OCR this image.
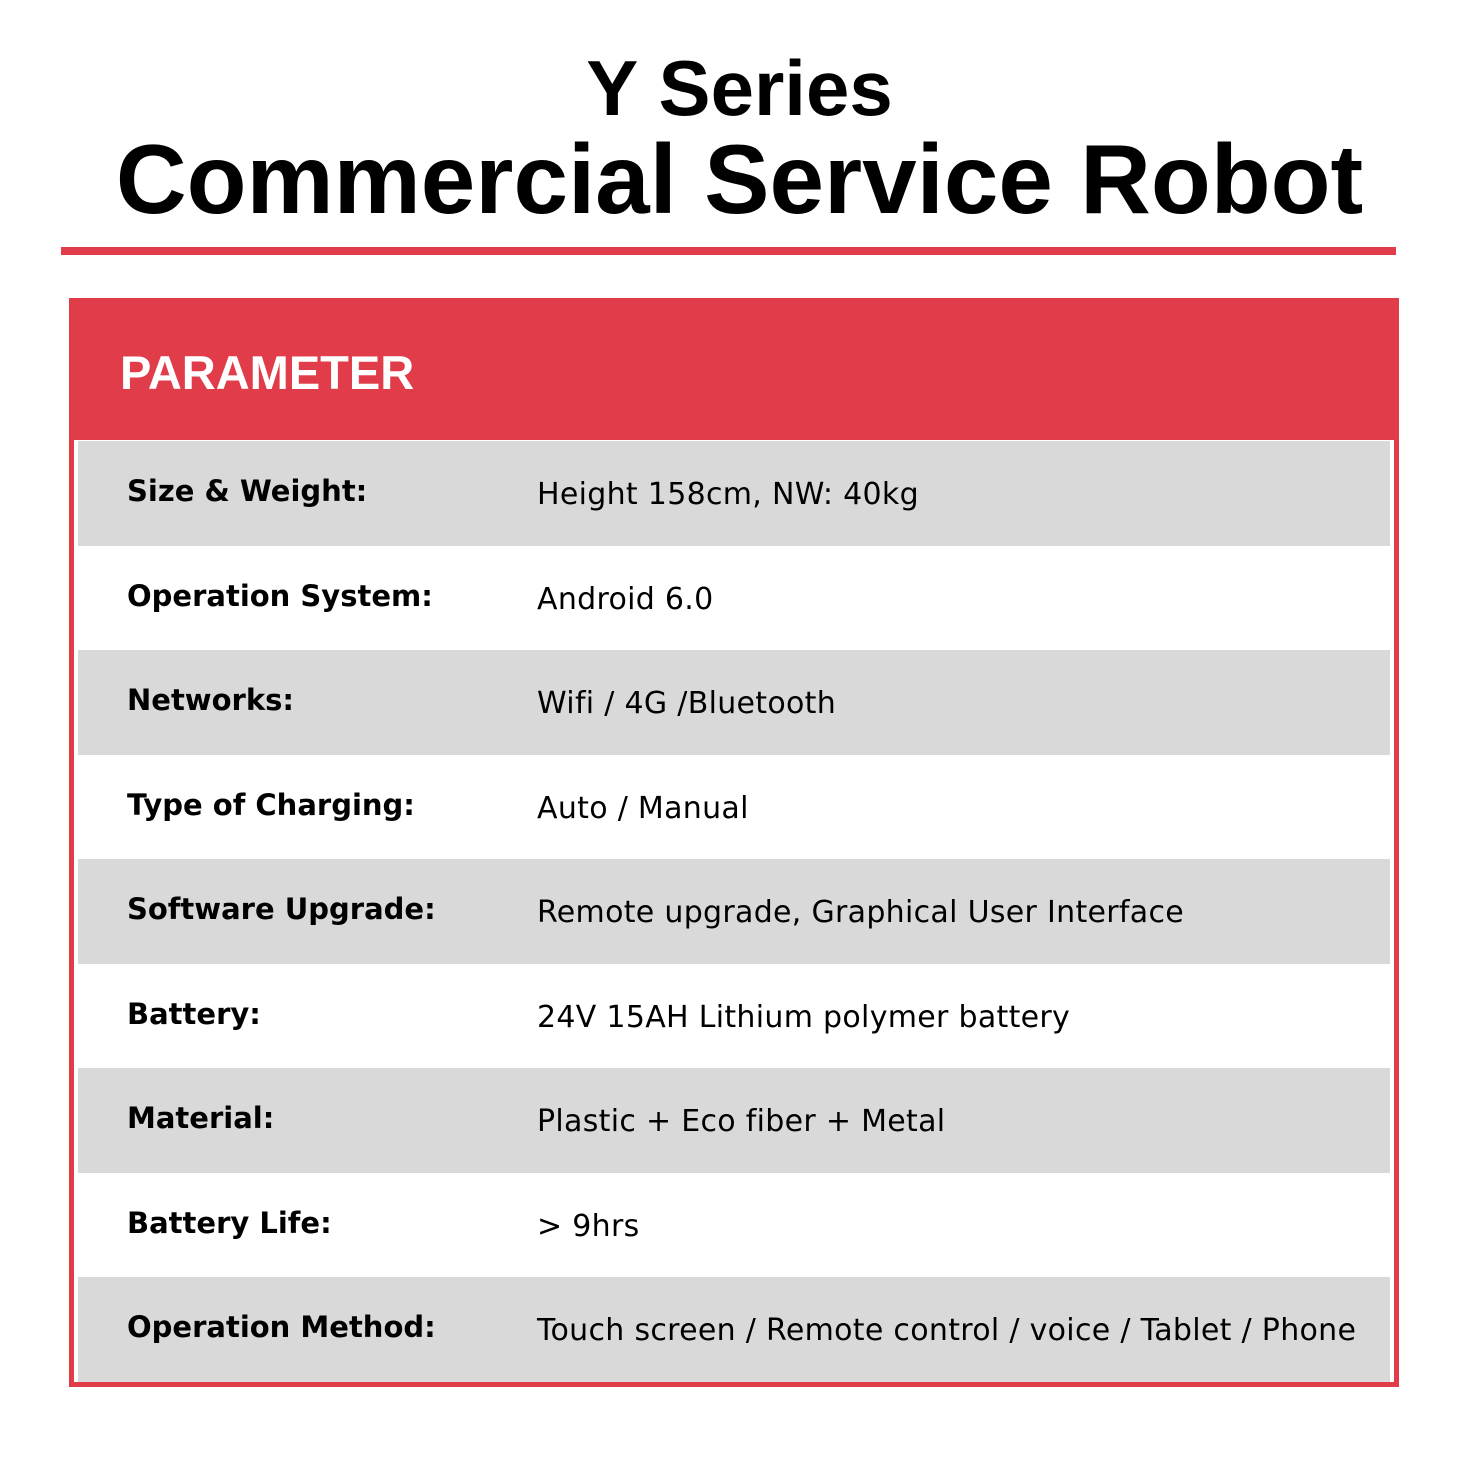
Y Series
Commercial Service Robot
PARAMETER
Size & Weight:	Height 158cm, NW: 40kg
Operation System:	Android 6.0
Networks:	Wifi / 4G /Bluetooth
Type of Charging:	Auto / Manual
Software Upgrade:	Remote upgrade, Graphical User Interface
Battery:	24V 15AH Lithium polymer battery
Material:	Plastic + Eco fiber + Metal
Battery Life:	> 9hrs
Operation Method:	Touch screen / Remote control / voice / Tablet / Phone
